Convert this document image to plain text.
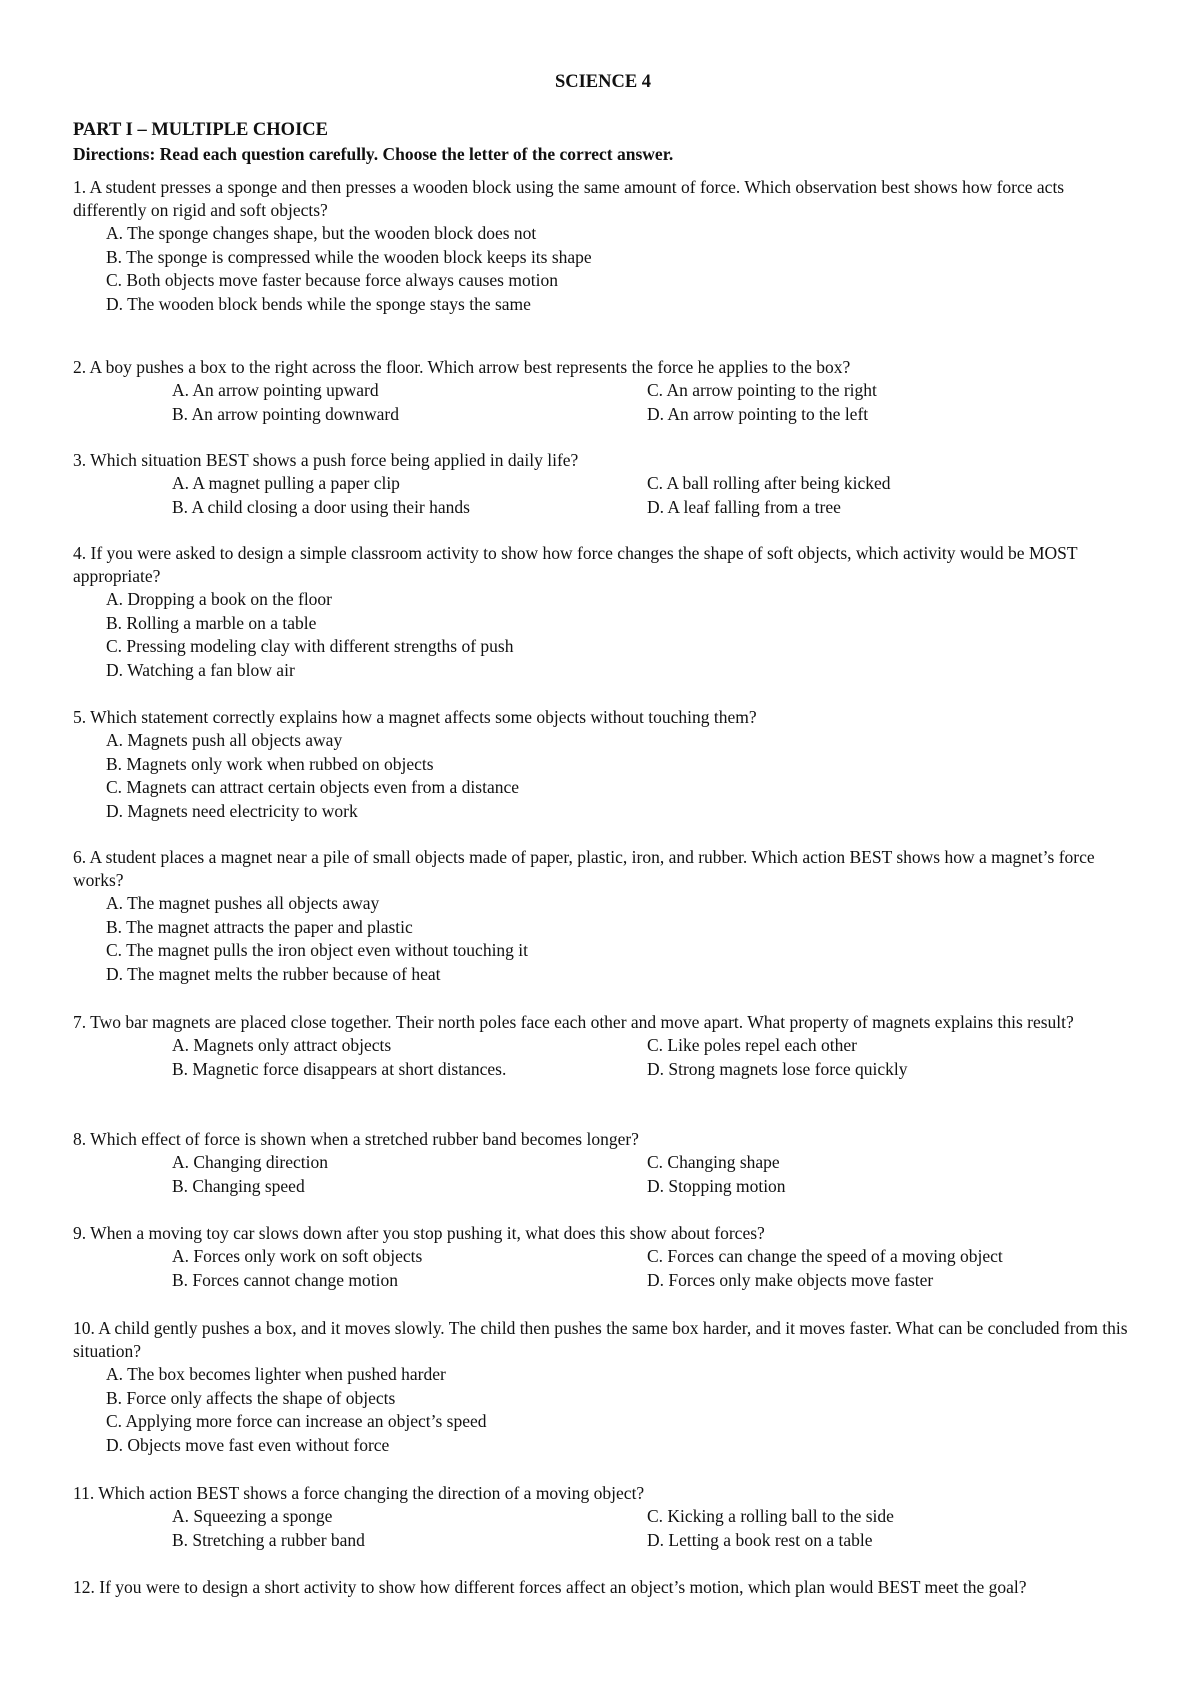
SCIENCE 4
PART I – MULTIPLE CHOICE
Directions: Read each question carefully. Choose the letter of the correct answer.

1. A student presses a sponge and then presses a wooden block using the same amount of force. Which observation best shows how force acts differently on rigid and soft objects?

A. The sponge changes shape, but the wooden block does not
B. The sponge is compressed while the wooden block keeps its shape
C. Both objects move faster because force always causes motion
D. The wooden block bends while the sponge stays the same

2. A boy pushes a box to the right across the floor. Which arrow best represents the force he applies to the box?

A. An arrow pointing upward	C. An arrow pointing to the right
B. An arrow pointing downward	D. An arrow pointing to the left

3. Which situation BEST shows a push force being applied in daily life?

A. A magnet pulling a paper clip	C. A ball rolling after being kicked
B. A child closing a door using their hands	D. A leaf falling from a tree

4. If you were asked to design a simple classroom activity to show how force changes the shape of soft objects, which activity would be MOST appropriate?

A. Dropping a book on the floor
B. Rolling a marble on a table
C. Pressing modeling clay with different strengths of push
D. Watching a fan blow air

5. Which statement correctly explains how a magnet affects some objects without touching them?

A. Magnets push all objects away
B. Magnets only work when rubbed on objects
C. Magnets can attract certain objects even from a distance
D. Magnets need electricity to work

6. A student places a magnet near a pile of small objects made of paper, plastic, iron, and rubber. Which action BEST shows how a magnet’s force works?

A. The magnet pushes all objects away
B. The magnet attracts the paper and plastic
C. The magnet pulls the iron object even without touching it
D. The magnet melts the rubber because of heat

7. Two bar magnets are placed close together. Their north poles face each other and move apart. What property of magnets explains this result?

A. Magnets only attract objects	C. Like poles repel each other
B. Magnetic force disappears at short distances.	D. Strong magnets lose force quickly

8. Which effect of force is shown when a stretched rubber band becomes longer?

A. Changing direction	C. Changing shape
B. Changing speed	D. Stopping motion

9. When a moving toy car slows down after you stop pushing it, what does this show about forces?

A. Forces only work on soft objects	C. Forces can change the speed of a moving object
B. Forces cannot change motion	D. Forces only make objects move faster

10. A child gently pushes a box, and it moves slowly. The child then pushes the same box harder, and it moves faster. What can be concluded from this situation?

A. The box becomes lighter when pushed harder
B. Force only affects the shape of objects
C. Applying more force can increase an object’s speed
D. Objects move fast even without force

11. Which action BEST shows a force changing the direction of a moving object?

A. Squeezing a sponge	C. Kicking a rolling ball to the side
B. Stretching a rubber band	D. Letting a book rest on a table

12. If you were to design a short activity to show how different forces affect an object’s motion, which plan would BEST meet the goal?
